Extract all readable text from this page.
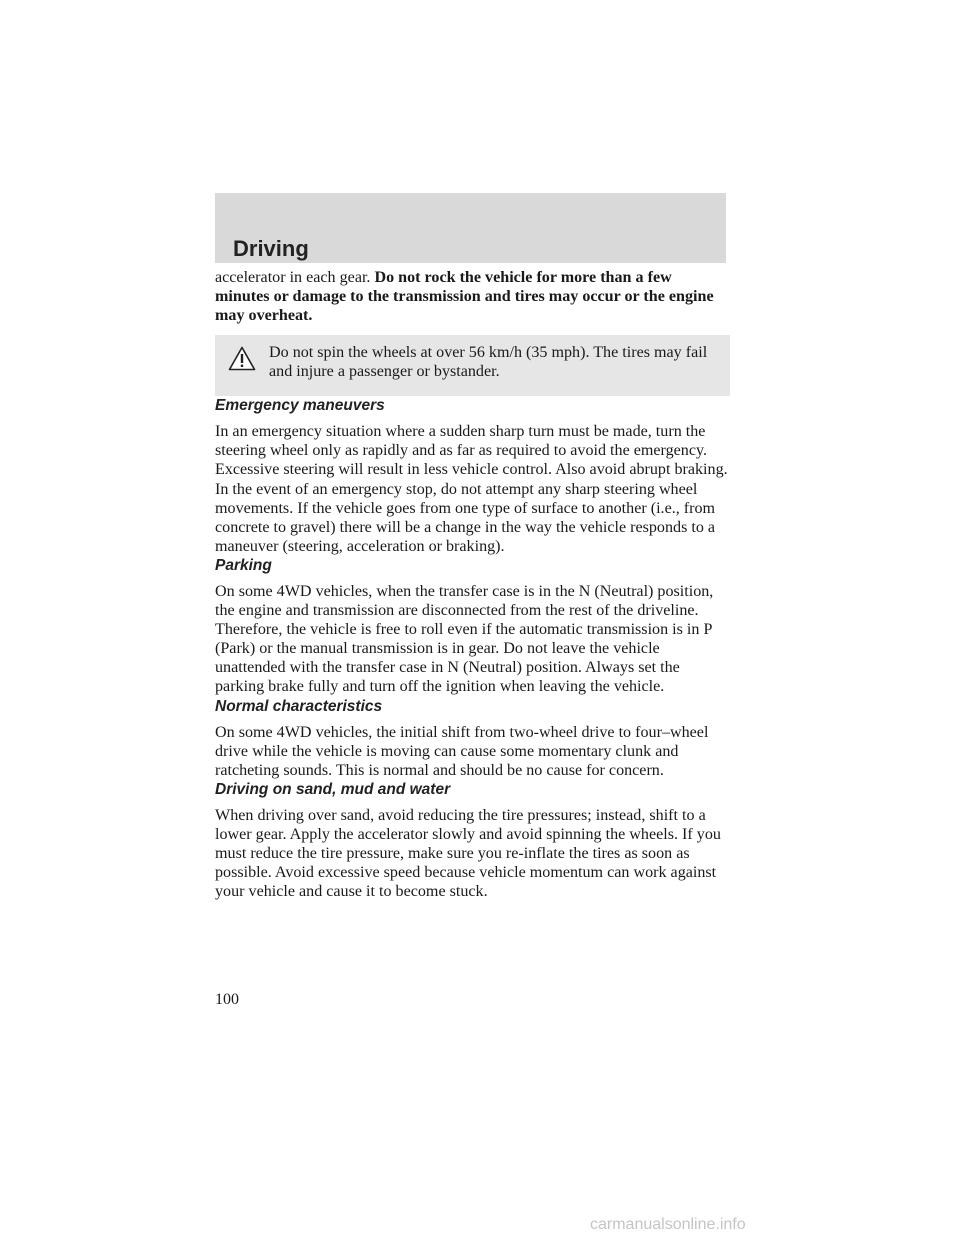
Driving

accelerator in each gear. Do not rock the vehicle for more than a few minutes or damage to the transmission and tires may occur or the engine may overheat.

Do not spin the wheels at over 56 km/h (35 mph). The tires may fail and injure a passenger or bystander.

Emergency maneuvers

In an emergency situation where a sudden sharp turn must be made, turn the steering wheel only as rapidly and as far as required to avoid the emergency. Excessive steering will result in less vehicle control. Also avoid abrupt braking. In the event of an emergency stop, do not attempt any sharp steering wheel movements. If the vehicle goes from one type of surface to another (i.e., from concrete to gravel) there will be a change in the way the vehicle responds to a maneuver (steering, acceleration or braking).

Parking

On some 4WD vehicles, when the transfer case is in the N (Neutral) position, the engine and transmission are disconnected from the rest of the driveline. Therefore, the vehicle is free to roll even if the automatic transmission is in P (Park) or the manual transmission is in gear. Do not leave the vehicle unattended with the transfer case in N (Neutral) position. Always set the parking brake fully and turn off the ignition when leaving the vehicle.

Normal characteristics

On some 4WD vehicles, the initial shift from two-wheel drive to four–wheel drive while the vehicle is moving can cause some momentary clunk and ratcheting sounds. This is normal and should be no cause for concern.

Driving on sand, mud and water

When driving over sand, avoid reducing the tire pressures; instead, shift to a lower gear. Apply the accelerator slowly and avoid spinning the wheels. If you must reduce the tire pressure, make sure you re-inflate the tires as soon as possible. Avoid excessive speed because vehicle momentum can work against your vehicle and cause it to become stuck.

100
carmanualsonline.info
